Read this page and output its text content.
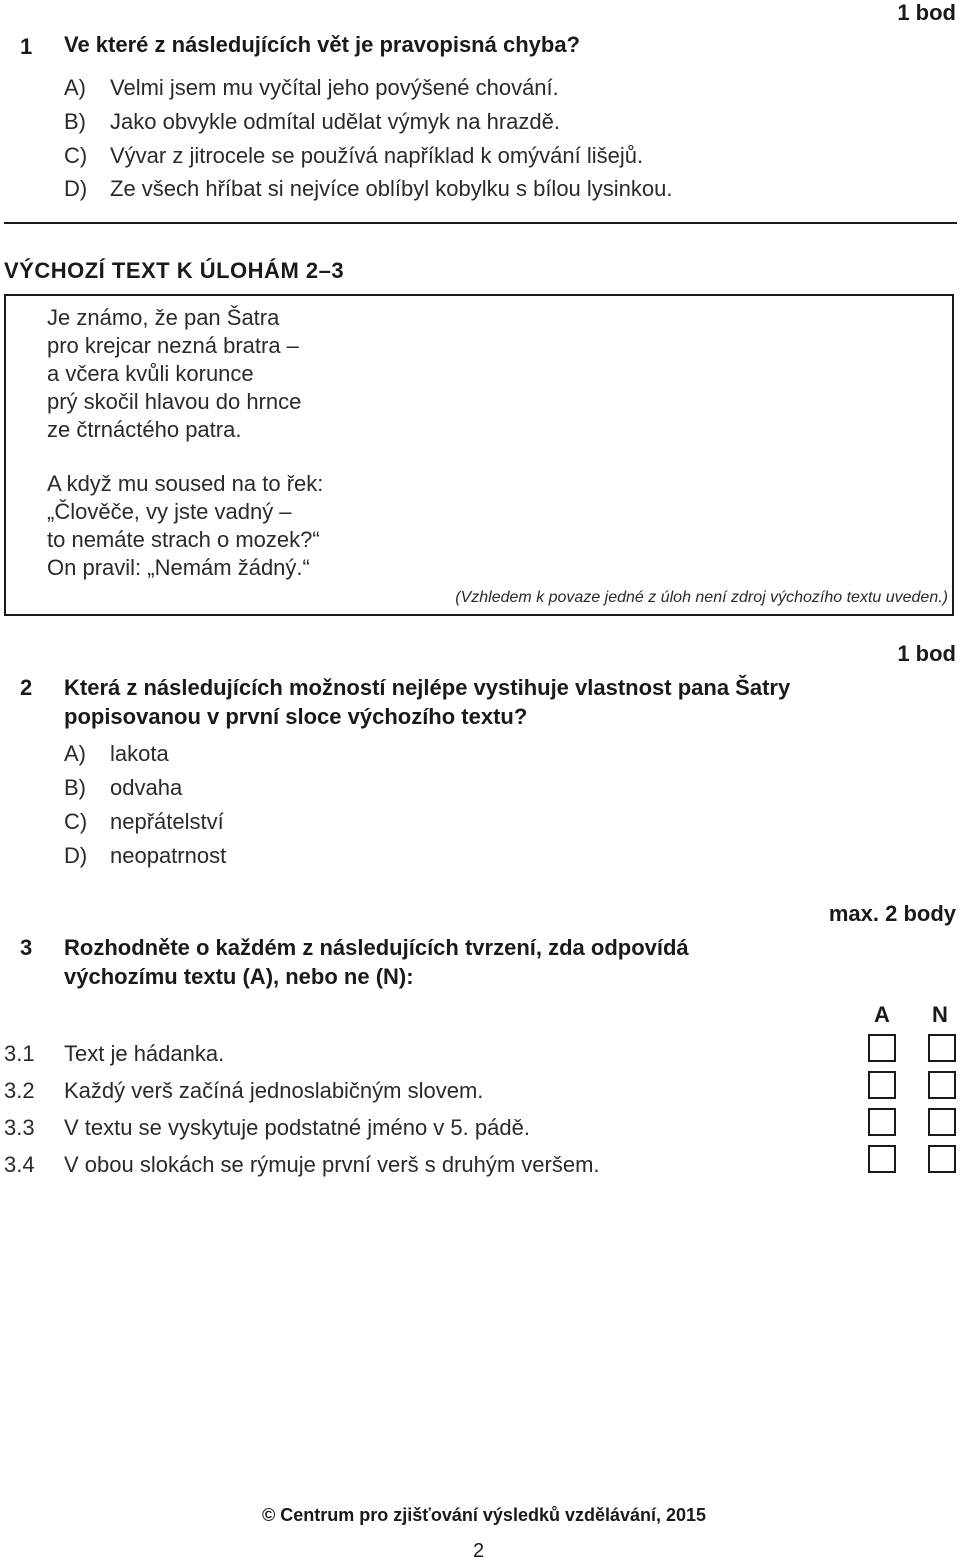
1 bod
1 Ve které z následujících vět je pravopisná chyba?
A) Velmi jsem mu vyčítal jeho povýšené chování.
B) Jako obvykle odmítal udělat výmyk na hrazdě.
C) Vývar z jitrocele se používá například k omývání lišejů.
D) Ze všech hříbat si nejvíce oblíbyl kobylku s bílou lysinkou.
VÝCHOZÍ TEXT K ÚLOHÁM 2–3
Je známo, že pan Šatra
pro krejcar nezná bratra –
a včera kvůli korunce
prý skočil hlavou do hrnce
ze čtrnáctého patra.
A když mu soused na to řek:
„Člověče, vy jste vadný –
to nemáte strach o mozek?“
On pravil: „Nemám žádný.“
(Vzhledem k povaze jedné z úloh není zdroj výchozího textu uveden.)
1 bod
2 Která z následujících možností nejlépe vystihuje vlastnost pana Šatry
popisovanou v první sloce výchozího textu?
A) lakota
B) odvaha
C) nepřátelství
D) neopatrnost
max. 2 body
3 Rozhodněte o každém z následujících tvrzení, zda odpovídá
výchozímu textu (A), nebo ne (N):
A N
3.1 Text je hádanka.
3.2 Každý verš začíná jednoslabičným slovem.
3.3 V textu se vyskytuje podstatné jméno v 5. pádě.
3.4 V obou slokách se rýmuje první verš s druhým veršem.
© Centrum pro zjišťování výsledků vzdělávání, 2015
2
